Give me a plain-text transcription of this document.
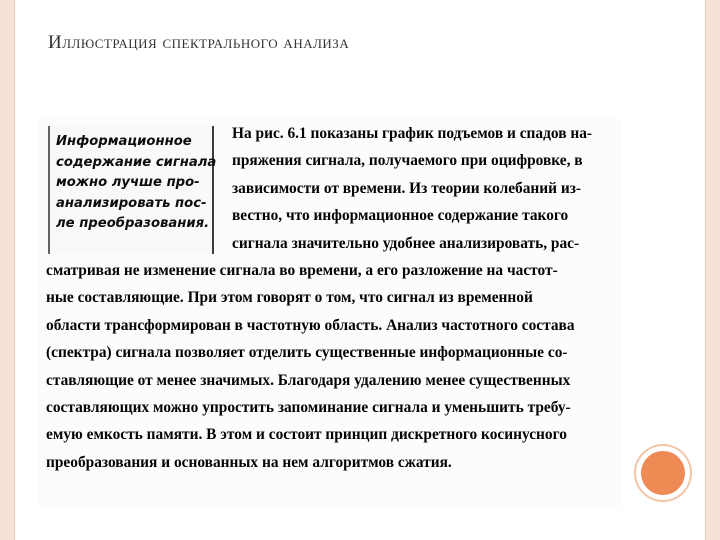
Иллюстрация спектрального анализа
Информационное
содержание сигнала
можно лучше про-
анализировать пос-
ле преобразования.
На рис. 6.1 показаны график подъемов и спадов на-
пряжения сигнала, получаемого при оцифровке, в
зависимости от времени. Из теории колебаний из-
вестно, что информационное содержание такого
сигнала значительно удобнее анализировать, рас-
сматривая не изменение сигнала во времени, а его разложение на частот-
ные составляющие. При этом говорят о том, что сигнал из временной
области трансформирован в частотную область. Анализ частотного состава
(спектра) сигнала позволяет отделить существенные информационные со-
ставляющие от менее значимых. Благодаря удалению менее существенных
составляющих можно упростить запоминание сигнала и уменьшить требу-
емую емкость памяти. В этом и состоит принцип дискретного косинусного
преобразования и основанных на нем алгоритмов сжатия.
